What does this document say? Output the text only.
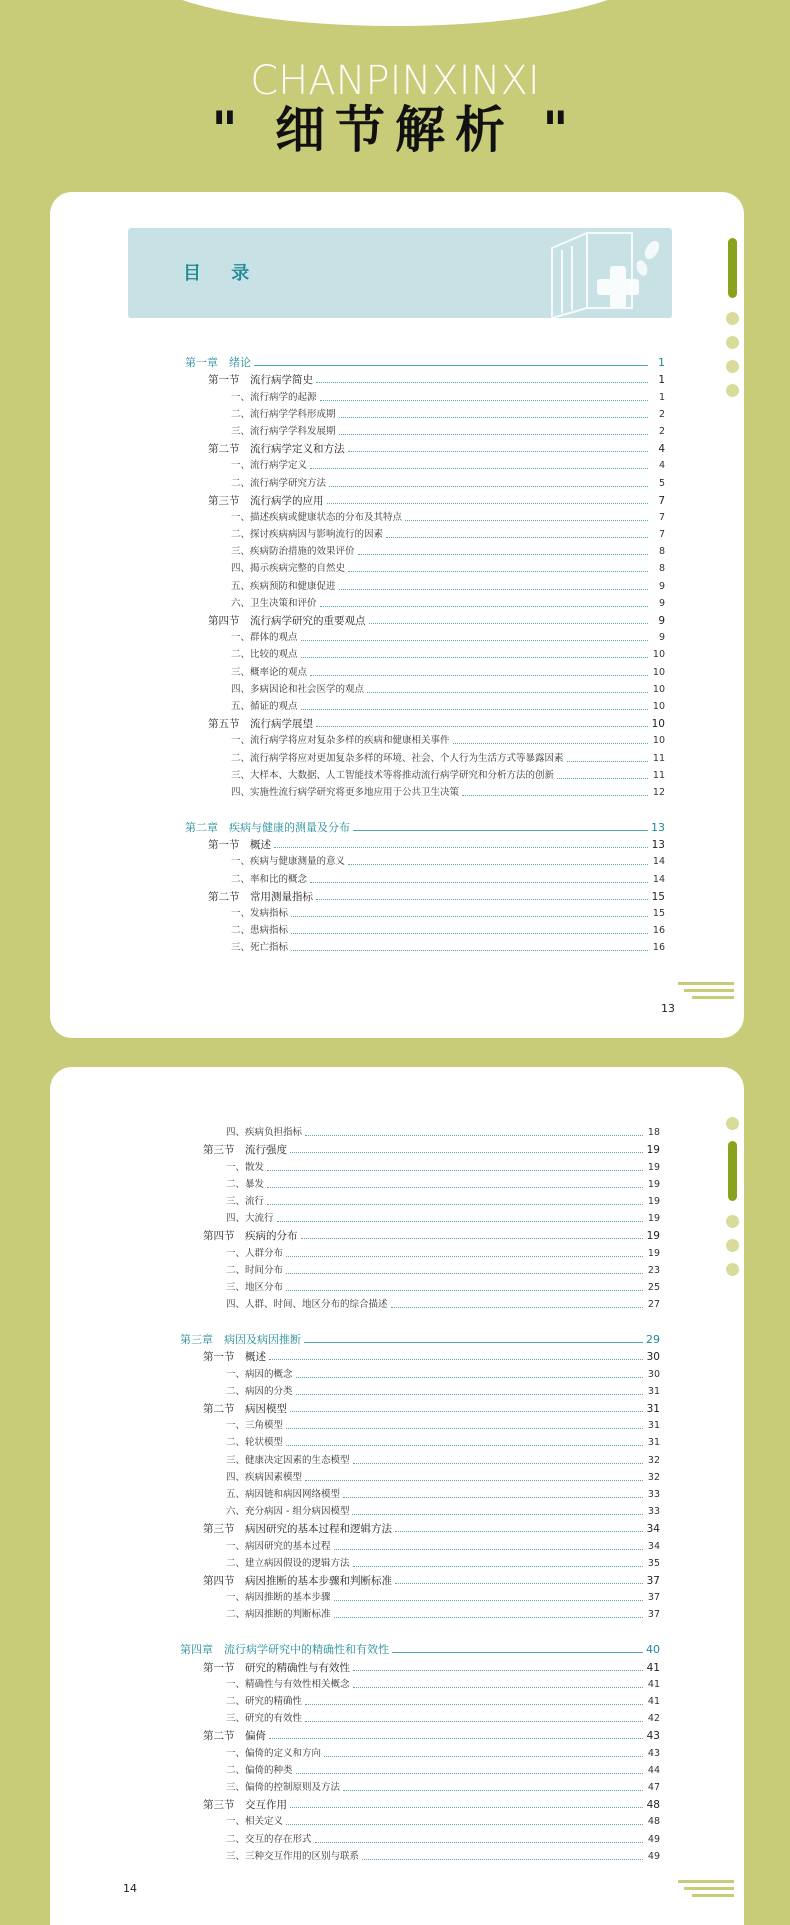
CHANPINXINXI
" 细节解析 "
目 录
第一章　绪论	1
第一节　流行病学简史	1
一、流行病学的起源	1
二、流行病学学科形成期	2
三、流行病学学科发展期	2
第二节　流行病学定义和方法	4
一、流行病学定义	4
二、流行病学研究方法	5
第三节　流行病学的应用	7
一、描述疾病或健康状态的分布及其特点	7
二、探讨疾病病因与影响流行的因素	7
三、疾病防治措施的效果评价	8
四、揭示疾病完整的自然史	8
五、疾病预防和健康促进	9
六、卫生决策和评价	9
第四节　流行病学研究的重要观点	9
一、群体的观点	9
二、比较的观点	10
三、概率论的观点	10
四、多病因论和社会医学的观点	10
五、循证的观点	10
第五节　流行病学展望	10
一、流行病学将应对复杂多样的疾病和健康相关事件	10
二、流行病学将应对更加复杂多样的环境、社会、个人行为生活方式等暴露因素	11
三、大样本、大数据、人工智能技术等将推动流行病学研究和分析方法的创新	11
四、实施性流行病学研究将更多地应用于公共卫生决策	12
第二章　疾病与健康的测量及分布	13
第一节　概述	13
一、疾病与健康测量的意义	14
二、率和比的概念	14
第二节　常用测量指标	15
一、发病指标	15
二、患病指标	16
三、死亡指标	16
13
四、疾病负担指标	18
第三节　流行强度	19
一、散发	19
二、暴发	19
三、流行	19
四、大流行	19
第四节　疾病的分布	19
一、人群分布	19
二、时间分布	23
三、地区分布	25
四、人群、时间、地区分布的综合描述	27
第三章　病因及病因推断	29
第一节　概述	30
一、病因的概念	30
二、病因的分类	31
第二节　病因模型	31
一、三角模型	31
二、轮状模型	31
三、健康决定因素的生态模型	32
四、疾病因素模型	32
五、病因链和病因网络模型	33
六、充分病因 - 组分病因模型	33
第三节　病因研究的基本过程和逻辑方法	34
一、病因研究的基本过程	34
二、建立病因假设的逻辑方法	35
第四节　病因推断的基本步骤和判断标准	37
一、病因推断的基本步骤	37
二、病因推断的判断标准	37
第四章　流行病学研究中的精确性和有效性	40
第一节　研究的精确性与有效性	41
一、精确性与有效性相关概念	41
二、研究的精确性	41
三、研究的有效性	42
第二节　偏倚	43
一、偏倚的定义和方向	43
二、偏倚的种类	44
三、偏倚的控制原则及方法	47
第三节　交互作用	48
一、相关定义	48
二、交互的存在形式	49
三、三种交互作用的区别与联系	49
14
